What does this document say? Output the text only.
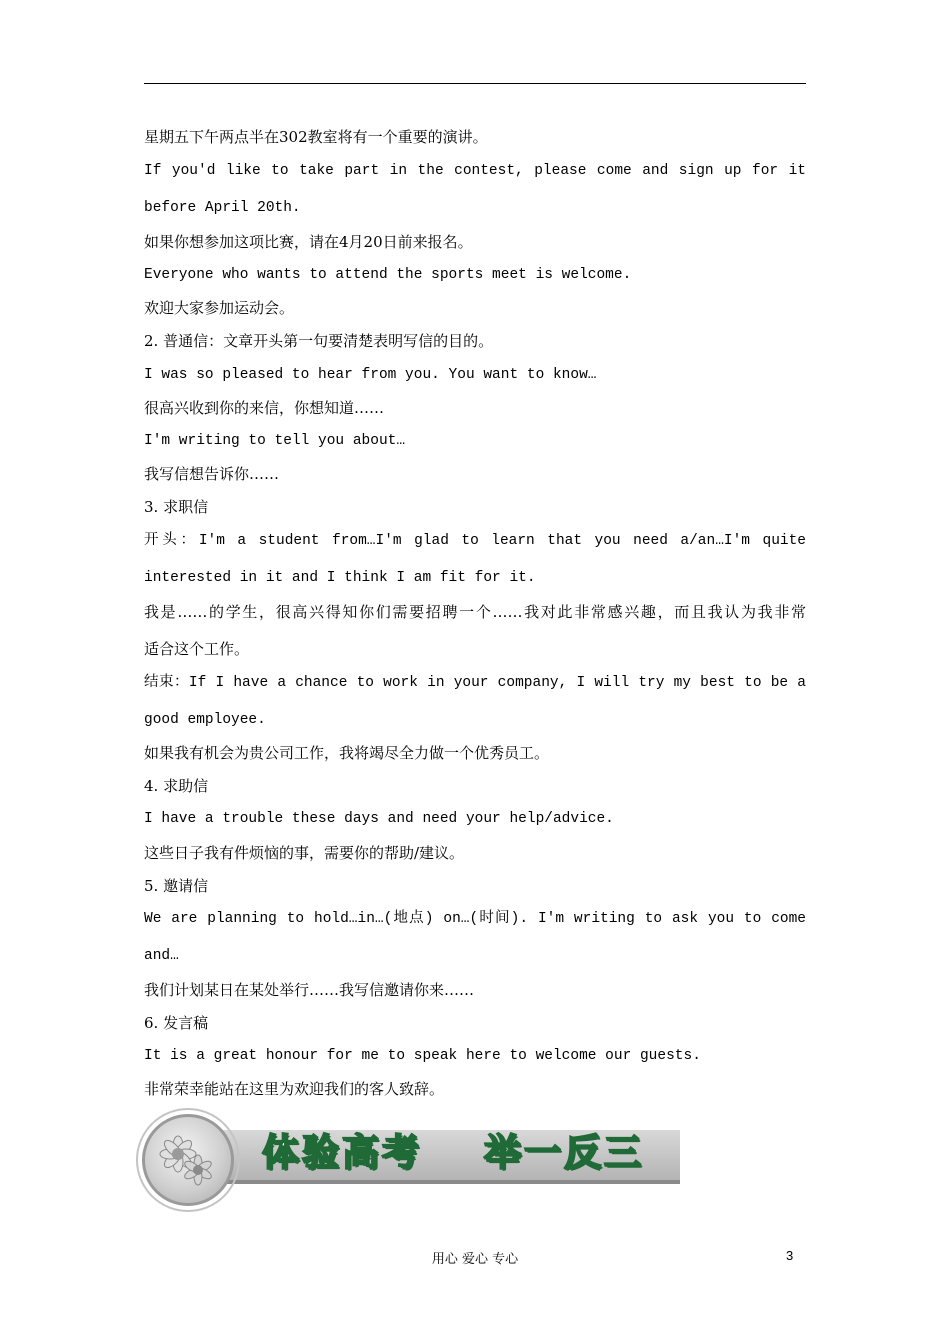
星期五下午两点半在302教室将有一个重要的演讲。
If you'd like to take part in the contest, please come and sign up for it
before April 20th.
如果你想参加这项比赛，请在4月20日前来报名。
Everyone who wants to attend the sports meet is welcome.
欢迎大家参加运动会。
2. 普通信：文章开头第一句要清楚表明写信的目的。
I was so pleased to hear from you. You want to know…
很高兴收到你的来信，你想知道……
I'm writing to tell you about…
我写信想告诉你……
3. 求职信
开头：I'm a student from…I'm glad to learn that you need a/an…I'm quite
interested in it and I think I am fit for it.
我是……的学生，很高兴得知你们需要招聘一个……我对此非常感兴趣，而且我认为我非常
适合这个工作。
结束：If I have a chance to work in your company, I will try my best to be a
good employee.
如果我有机会为贵公司工作，我将竭尽全力做一个优秀员工。
4. 求助信
I have a trouble these days and need your help/advice.
这些日子我有件烦恼的事，需要你的帮助/建议。
5. 邀请信
We are planning to hold…in…(地点) on…(时间). I'm writing to ask you to come
and…
我们计划某日在某处举行……我写信邀请你来……
6. 发言稿
It is a great honour for me to speak here to welcome our guests.
非常荣幸能站在这里为欢迎我们的客人致辞。
体验高考 举一反三
用心 爱心 专心	3
